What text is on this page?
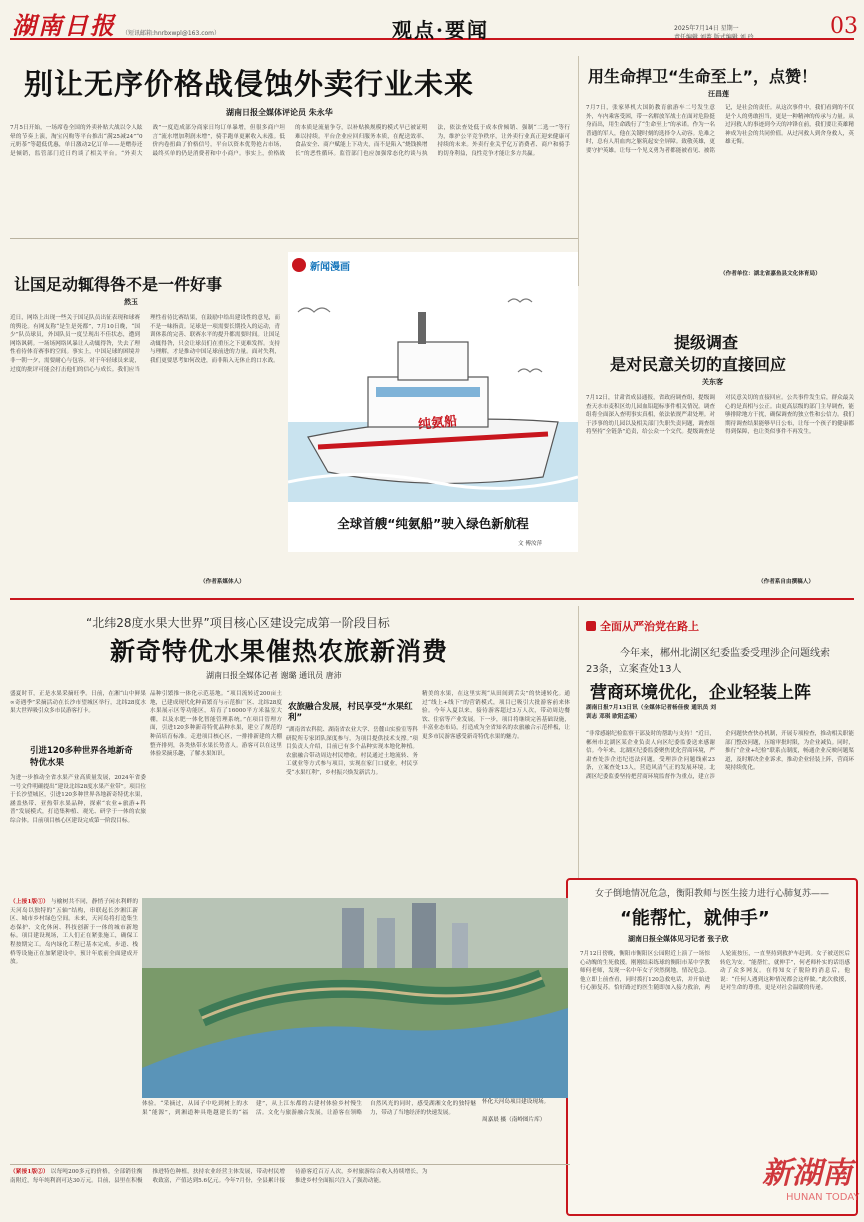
湖南日报 （短讯邮箱:hnrbxwpl@163.com）	观点·要闻	2025年7月14日 星期一
责任编辑 刘菁 版式编辑 刘 玲	03
别让无序价格战侵蚀外卖行业未来
湖南日报全媒体评论员 朱永华
7月5日开始，一场席卷全国的外卖补贴大战以令人眩晕的节奏上演，淘宝闪购等平台推出“满25减24”“0元奶茶”等超低优惠，单日激动2亿订单——是赠券还是倾销，监管部门近日约谈了相关平台。“外卖大战”一度造成部分商家日均订单暴增，但很多商户坦言“流水增加利润未增”，骑手跑单更累收入未涨。低价内卷扭曲了价格信号，平台以资本优势抢占市场，最终买单的仍是消费者和中小商户。事实上，价格战的本质是流量争夺，以补贴换规模的模式早已被证明难以持续。平台企业应回归服务本质，在配送效率、食品安全、商户赋能上下功夫，而不是陷入“烧钱换增长”的恶性循环。监管部门也应加强常态化约谈与执法，依法查处低于成本价倾销、强制“二选一”等行为，维护公平竞争秩序，让外卖行业真正迎来健康可持续的未来。外卖行业关乎亿万消费者、商户和骑手的切身利益，良性竞争才能让多方共赢。
用生命捍卫“生命至上”，点赞！
汪昌莲
7月7日，张家界机大国防教育旅游车二号发生意外，车内乘客受困，带一名解放军战士在面对危险挺身而出，用生命践行了“生命至上”的承诺。作为一名普通的军人，他在关键时刻的选择令人动容。危难之时，总有人用血肉之躯筑起安全屏障。致敬英雄，更要守护英雄。让每一个见义勇为者都能被看见、被铭记，是社会的责任。从这次事件中，我们看到的不仅是个人的勇敢担当，更是一种精神的传承与力量。从过河救人的事迹到今天的冲锋在前，我们要让英雄精神成为社会的共同价值。从过河救人到舍身救人，英雄无悔。
（作者单位：湖北省嘉鱼县文化体育局）
让国足动辄得咎不是一件好事
然玉
近日，网络上出现一些关于国足队员出征表现和球赛的舆论。有网友称“是生是死都”，7月10日晚，“国少”队员球员，外国队员一度呈现出不佳状态，遭到网络讽刺。一场场网络风暴让人动辄得咎，失去了理性看待体育赛事的空间。事实上，中国足球的困境并非一朝一夕，需要耐心与包容。对于年轻球员来说，过度的批评可能会打击他们的信心与成长。我们应当理性看待比赛结果，在鼓励中给出建设性的意见，而不是一味指责。足球是一项需要长期投入的运动，青训体系的完善、联赛水平的提升都需要时间。让国足动辄得咎，只会让球员们在重压之下更难发挥。支持与理解，才是推动中国足球前进的力量。面对失利，我们更要思考如何改进，而非陷入无休止的口水战。
（作者系媒体人）
新闻漫画
纯氨船
全球首艘“纯氨船”驶入绿色新航程
文 傅汝萍
提级调查
是对民意关切的直接回应
关东客
7月12日，甘肃省成县通报，省政府调查组，提级调查天水市麦积区幼儿园血铅超标事件相关情况。调查组将全面深入查明事实真相，依法依规严肃处理。对于涉事的幼儿园以及相关部门失职失责问题，调查组将坚持“全链条”追责，给公众一个交代。提级调查是对民意关切的直接回应。公共事件发生后，群众最关心的是真相与公正。由更高层级的部门主导调查，能够排除地方干扰，确保调查的独立性和公信力。我们期待调查结果能够早日公布，让每一个孩子的健康都得到保障，也让类似事件不再发生。
（作者系自由撰稿人）
“北纬28度水果大世界”项目核心区建设完成第一阶段目标
新奇特优水果催热农旅新消费
湖南日报全媒体记者 谢璐 通讯员 唐沛
盛夏时节，正是水果采摘旺季。日前，在湘“山中鲜果∞奇遇季”采摘活动在长沙市望城区举行，北纬28度水果大世界吸引众多市民游客打卡。
引进120多种世界各地新奇特优水果
为进一步推动全省水果产业高质量发展，2024年省委一号文件明确提出“建设北纬28度水果产业带”。项目位于长沙望城区，引进120多种世界各地新奇特优水果，涵盖热带、亚热带水果品种，探索“农业+旅游+科普”发展模式，打造集种植、观光、研学于一体的农旅综合体。目前项目核心区建设完成第一阶段目标。
品种引繁推一体化示范基地。“项目流转近200亩土地，已建成现代化种苗繁育与示范推广区、北纬28度水果展示区等功能区，培育了16000平方米温室大棚，以及水肥一体化智能管理系统。”在项目管理方面，引进120多种新奇特优品种水果，建立了规范的种苗培育标准。走进项目核心区，一排排新建的大棚整齐排列，各类热带水果长势喜人。游客可以在这里体验采摘乐趣，了解水果知识。
农旅融合发展，村民享受“水果红利”
“湖南省农科院、湖南省农业大学、岳麓山实验室等科研院所专家团队深度参与，为项目提供技术支撑。”项目负责人介绍，目前已有多个品种实现本地化种植。农旅融合带动周边村民增收。村民通过土地流转、务工就业等方式参与项目，实现在家门口就业，村民享受“水果红利”，乡村振兴焕发新活力。
精美的水果，在这里实现“从田间到舌尖”的快速转化。通过“线上+线下”的营销模式，项目已吸引大批游客前来体验。今年入夏以来，接待游客超过3万人次，带动周边餐饮、住宿等产业发展。下一步，项目将继续完善基础设施，丰富业态布局，打造成为全省知名的农旅融合示范样板，让更多市民游客感受新奇特优水果的魅力。
全面从严治党在路上
今年来，郴州北湖区纪委监委受理涉企问题线索
23条，立案查处13人
营商环境优化，企业轻装上阵
湖南日报7月13日讯（全媒体记者杨佳俊 通讯员 刘训志 邓琪 欧阳孟瑶）
“非常感谢纪检监察干部及时的帮助与支持！”近日，郴州市北湖区某企业负责人向区纪委监委送来感谢信。今年来，北湖区纪委监委聚焦优化营商环境，严肃查处涉企违纪违法问题，受理涉企问题线索23条，立案查处13人，营造风清气正的发展环境。北湖区纪委监委坚持把营商环境监督作为重点，建立涉企问题快查快办机制，开展专项检查，推动相关职能部门整改问题，压缩审批时限，为企业减负。同时，推行“企业+纪检”联系点制度，畅通企业反映问题渠道，及时解决企业诉求，推动企业轻装上阵，营商环境持续优化。
女子倒地情况危急，衡阳教师与医生接力进行心肺复苏——
“能帮忙，就伸手”
湖南日报全媒体见习记者 张子欣
7月12日傍晚，衡阳市衡阳区公园附近上演了一场惊心动魄的生死救援。刚刚结束练球的衡阳市某中学教师何老师，发现一名中年女子突然倒地，情况危急。他立即上前查看，同时拨打120急救电话，并开始进行心肺复苏。恰好路过的医生随即加入接力救治，两人轮流按压，一直坚持到救护车赶到。女子被送医后转危为安。“能帮忙，就伸手”，何老师朴实的话语感动了众多网友。在得知女子脱险的消息后，他说：“任何人遇到这种情况都会这样做。”此次救援，是对生命的尊重，更是对社会温暖的传递。
新湖南
HUNAN TODAY
（上接1版①） 与榆树共不同，静悄子闲水利畔的天河岛以独特的“五轴”结构，串联起长沙湘江新区、城市乡村绿色空间。未来，天河岛将打造集生态保护、文化休闲、科技创新于一体的城市新地标。项目建设现场，工人们正在紧张施工，确保工程按期完工。岛内绿化工程已基本完成，步道、栈桥等设施正在加紧建设中，预计年底前全面建成开放。
怀化天河岛项目建设现场。
周嘉晨 摄（南岭图片库）
体验。“采摘过，从园子中吃到树上的水果“能源”，到湘道种具绝越建长的“福建”，从上江东都的古建村体验乡村慢生活。文化与旅游融合发展，让游客在领略自然风光的同时，感受湖湘文化的独特魅力，带动了当地经济的快速发展。
（紧接1版②） 以每吨200多元的价格，全部销往衡南附近，每年纯利润可达30万元。目前，县里在积极推进特色种植，扶持农业经营主体发展，带动村民增收致富，产值达到5.6亿元。今年7月份，全县累计接待游客近百万人次，乡村旅游综合收入持续增长，为推进乡村全面振兴注入了强劲动能。
